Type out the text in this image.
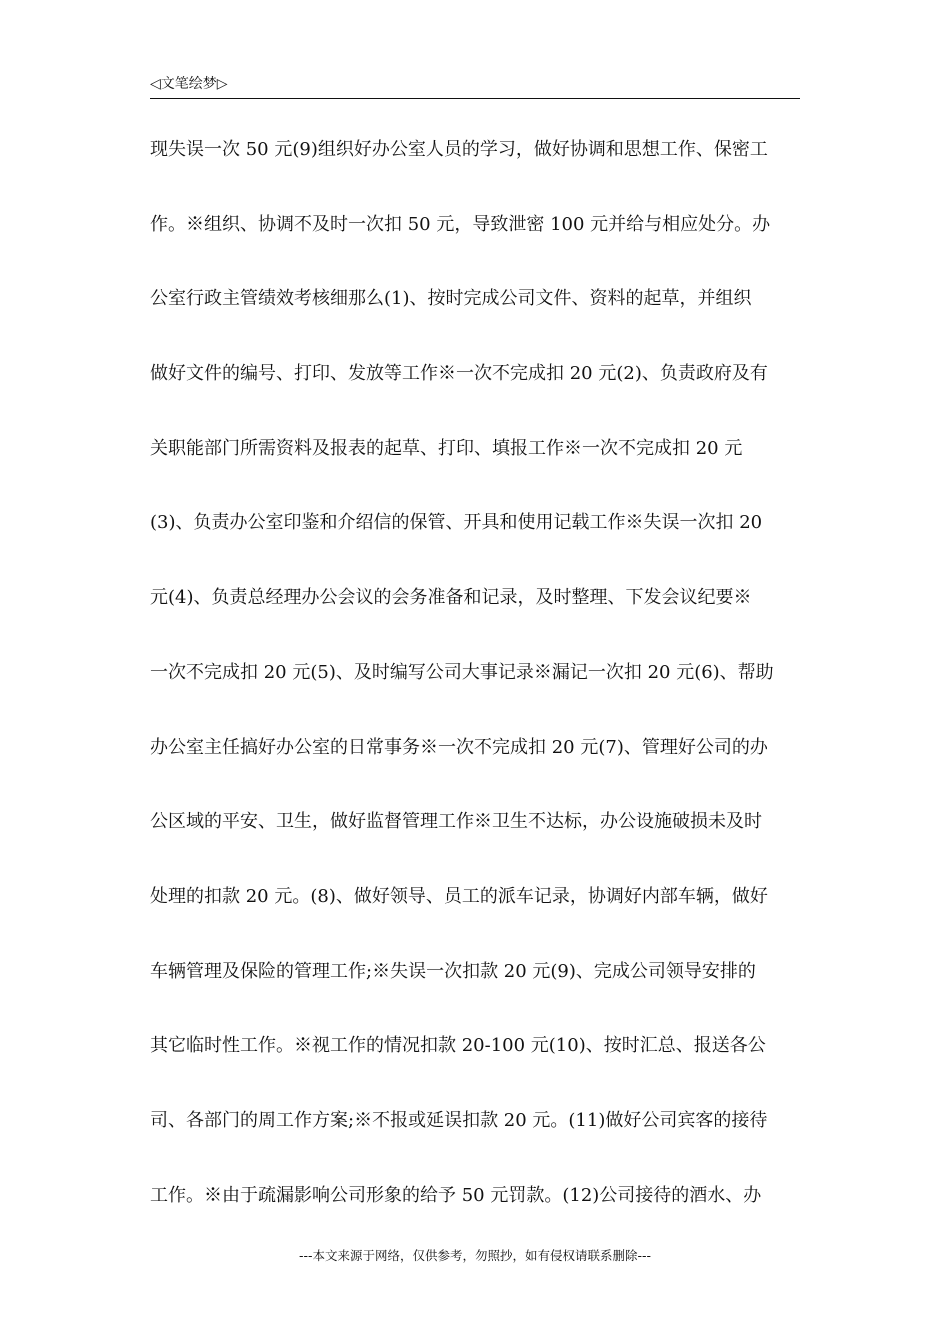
◁文笔绘梦▷
现失误一次 50 元(9)组织好办公室人员的学习，做好协调和思想工作、保密工
作。※组织、协调不及时一次扣 50 元，导致泄密 100 元并给与相应处分。办
公室行政主管绩效考核细那么(1)、按时完成公司文件、资料的起草，并组织
做好文件的编号、打印、发放等工作※一次不完成扣 20 元(2)、负责政府及有
关职能部门所需资料及报表的起草、打印、填报工作※一次不完成扣 20 元
(3)、负责办公室印鉴和介绍信的保管、开具和使用记载工作※失误一次扣 20
元(4)、负责总经理办公会议的会务准备和记录，及时整理、下发会议纪要※
一次不完成扣 20 元(5)、及时编写公司大事记录※漏记一次扣 20 元(6)、帮助
办公室主任搞好办公室的日常事务※一次不完成扣 20 元(7)、管理好公司的办
公区域的平安、卫生，做好监督管理工作※卫生不达标，办公设施破损未及时
处理的扣款 20 元。(8)、做好领导、员工的派车记录，协调好内部车辆，做好
车辆管理及保险的管理工作;※失误一次扣款 20 元(9)、完成公司领导安排的
其它临时性工作。※视工作的情况扣款 20-100 元(10)、按时汇总、报送各公
司、各部门的周工作方案;※不报或延误扣款 20 元。(11)做好公司宾客的接待
工作。※由于疏漏影响公司形象的给予 50 元罚款。(12)公司接待的酒水、办
---本文来源于网络，仅供参考，勿照抄，如有侵权请联系删除---
